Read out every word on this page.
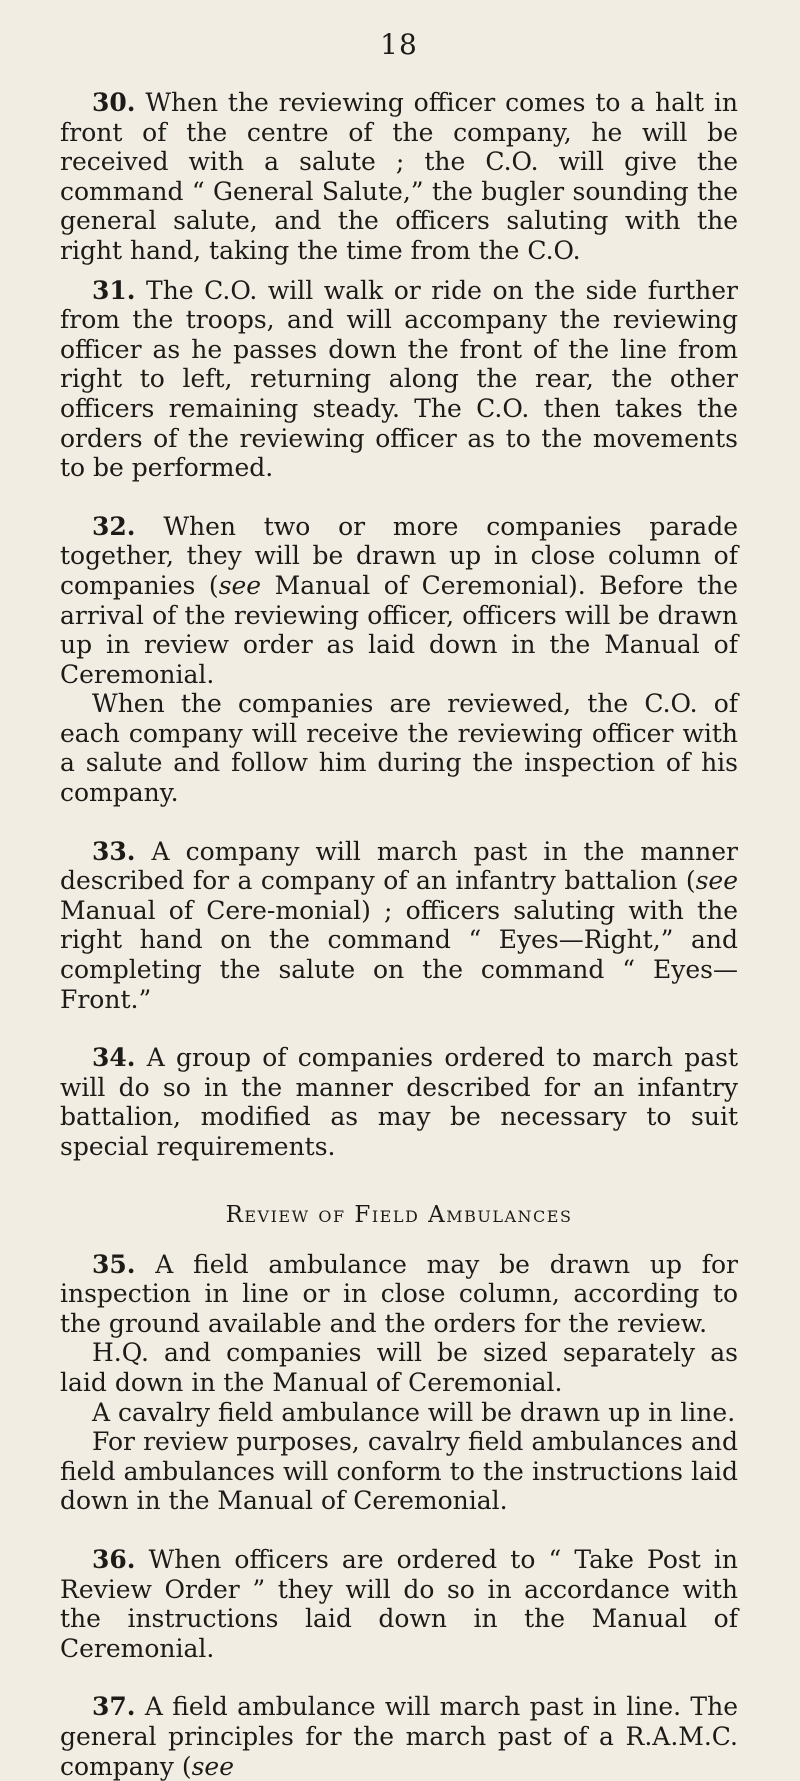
18

30. When the reviewing officer comes to a halt in front of the centre of the company, he will be received with a salute ; the C.O. will give the command “ General Salute,” the bugler sounding the general salute, and the officers saluting with the right hand, taking the time from the C.O.

31. The C.O. will walk or ride on the side further from the troops, and will accompany the reviewing officer as he passes down the front of the line from right to left, returning along the rear, the other officers remaining steady. The C.O. then takes the orders of the reviewing officer as to the movements to be performed.

32. When two or more companies parade together, they will be drawn up in close column of companies (see Manual of Ceremonial). Before the arrival of the reviewing officer, officers will be drawn up in review order as laid down in the Manual of Ceremonial.

When the companies are reviewed, the C.O. of each company will receive the reviewing officer with a salute and follow him during the inspection of his company.

33. A company will march past in the manner described for a company of an infantry battalion (see Manual of Cere-monial) ; officers saluting with the right hand on the command “ Eyes—Right,” and completing the salute on the command “ Eyes—Front.”

34. A group of companies ordered to march past will do so in the manner described for an infantry battalion, modified as may be necessary to suit special requirements.

Review of Field Ambulances

35. A field ambulance may be drawn up for inspection in line or in close column, according to the ground available and the orders for the review.

H.Q. and companies will be sized separately as laid down in the Manual of Ceremonial.

A cavalry field ambulance will be drawn up in line.

For review purposes, cavalry field ambulances and field ambulances will conform to the instructions laid down in the Manual of Ceremonial.

36. When officers are ordered to “ Take Post in Review Order ” they will do so in accordance with the instructions laid down in the Manual of Ceremonial.

37. A field ambulance will march past in line. The general principles for the march past of a R.A.M.C. company (see
